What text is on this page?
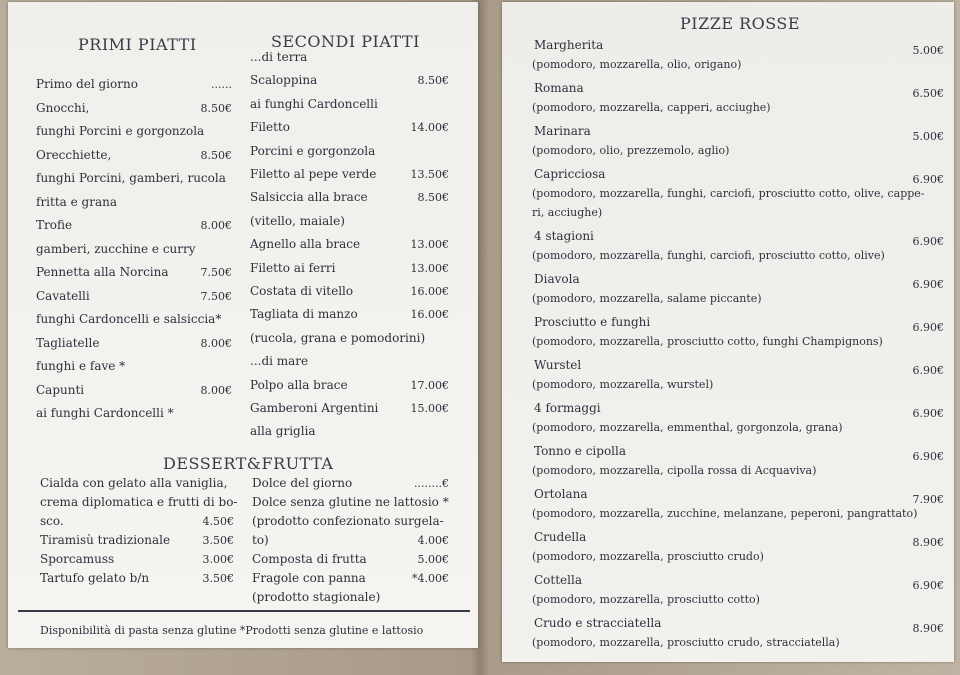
PRIMI PIATTI	SECONDI PIATTI
Primo del giorno	......
Gnocchi,	8.50€
funghi Porcini e gorgonzola
Orecchiette,	8.50€
funghi Porcini, gamberi, rucola
fritta e grana
Trofie	8.00€
gamberi, zucchine e curry
Pennetta alla Norcina	7.50€
Cavatelli	7.50€
funghi Cardoncelli e salsiccia*
Tagliatelle	8.00€
funghi e fave *
Capunti	8.00€
ai funghi Cardoncelli *
...di terra
Scaloppina	8.50€
ai funghi Cardoncelli
Filetto	14.00€
Porcini e gorgonzola
Filetto al pepe verde	13.50€
Salsiccia alla brace	8.50€
(vitello, maiale)
Agnello alla brace	13.00€
Filetto ai ferri	13.00€
Costata di vitello	16.00€
Tagliata di manzo	16.00€
(rucola, grana e pomodorini)
...di mare
Polpo alla brace	17.00€
Gamberoni Argentini	15.00€
alla griglia
DESSERT&FRUTTA
Cialda con gelato alla vaniglia,
crema diplomatica e frutti di bo-
sco.	4.50€
Tiramisù tradizionale	3.50€
Sporcamuss	3.00€
Tartufo gelato b/n	3.50€
Dolce del giorno	........€
Dolce senza glutine ne lattosio *
(prodotto confezionato surgela-
to)	4.00€
Composta di frutta	5.00€
Fragole con panna	*4.00€
(prodotto stagionale)
Disponibilità di pasta senza glutine *Prodotti senza glutine e lattosio
PIZZE ROSSE
Margherita	5.00€
(pomodoro, mozzarella, olio, origano)
Romana	6.50€
(pomodoro, mozzarella, capperi, acciughe)
Marinara	5.00€
(pomodoro, olio, prezzemolo, aglio)
Capricciosa	6.90€
(pomodoro, mozzarella, funghi, carciofi, prosciutto cotto, olive, cappe-
ri, acciughe)
4 stagioni	6.90€
(pomodoro, mozzarella, funghi, carciofi, prosciutto cotto, olive)
Diavola	6.90€
(pomodoro, mozzarella, salame piccante)
Prosciutto e funghi	6.90€
(pomodoro, mozzarella, prosciutto cotto, funghi Champignons)
Wurstel	6.90€
(pomodoro, mozzarella, wurstel)
4 formaggi	6.90€
(pomodoro, mozzarella, emmenthal, gorgonzola, grana)
Tonno e cipolla	6.90€
(pomodoro, mozzarella, cipolla rossa di Acquaviva)
Ortolana	7.90€
(pomodoro, mozzarella, zucchine, melanzane, peperoni, pangrattato)
Crudella	8.90€
(pomodoro, mozzarella, prosciutto crudo)
Cottella	6.90€
(pomodoro, mozzarella, prosciutto cotto)
Crudo e stracciatella	8.90€
(pomodoro, mozzarella, prosciutto crudo, stracciatella)
